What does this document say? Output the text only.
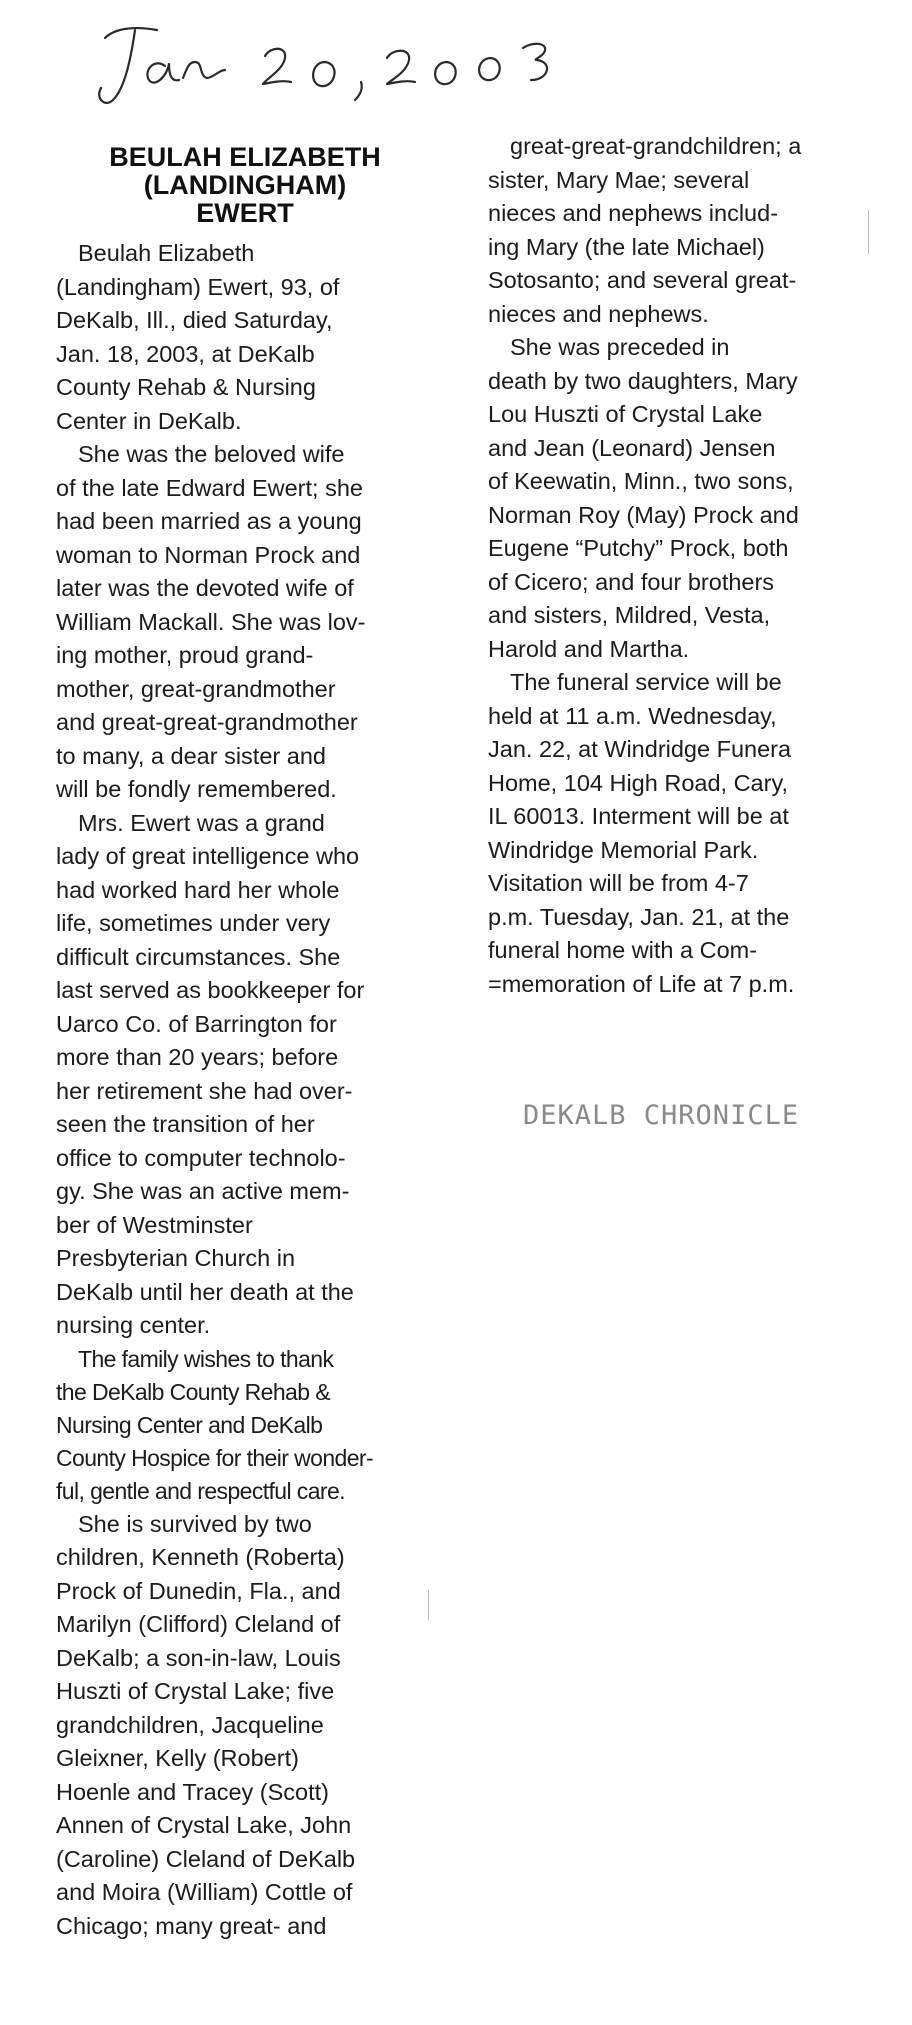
BEULAH ELIZABETH
(LANDINGHAM)
EWERT

Beulah Elizabeth
(Landingham) Ewert, 93, of
DeKalb, Ill., died Saturday,
Jan. 18, 2003, at DeKalb
County Rehab & Nursing
Center in DeKalb.

She was the beloved wife
of the late Edward Ewert; she
had been married as a young
woman to Norman Prock and
later was the devoted wife of
William Mackall. She was lov-
ing mother, proud grand-
mother, great-grandmother
and great-great-grandmother
to many, a dear sister and
will be fondly remembered.

Mrs. Ewert was a grand
lady of great intelligence who
had worked hard her whole
life, sometimes under very
difficult circumstances. She
last served as bookkeeper for
Uarco Co. of Barrington for
more than 20 years; before
her retirement she had over-
seen the transition of her
office to computer technolo-
gy. She was an active mem-
ber of Westminster
Presbyterian Church in
DeKalb until her death at the
nursing center.

The family wishes to thank
the DeKalb County Rehab &
Nursing Center and DeKalb
County Hospice for their wonder-
ful, gentle and respectful care.

She is survived by two
children, Kenneth (Roberta)
Prock of Dunedin, Fla., and
Marilyn (Clifford) Cleland of
DeKalb; a son-in-law, Louis
Huszti of Crystal Lake; five
grandchildren, Jacqueline
Gleixner, Kelly (Robert)
Hoenle and Tracey (Scott)
Annen of Crystal Lake, John
(Caroline) Cleland of DeKalb
and Moira (William) Cottle of
Chicago; many great- and

great-great-grandchildren; a
sister, Mary Mae; several
nieces and nephews includ-
ing Mary (the late Michael)
Sotosanto; and several great-
nieces and nephews.

She was preceded in
death by two daughters, Mary
Lou Huszti of Crystal Lake
and Jean (Leonard) Jensen
of Keewatin, Minn., two sons,
Norman Roy (May) Prock and
Eugene “Putchy” Prock, both
of Cicero; and four brothers
and sisters, Mildred, Vesta,
Harold and Martha.

The funeral service will be
held at 11 a.m. Wednesday,
Jan. 22, at Windridge Funera
Home, 104 High Road, Cary,
IL 60013. Interment will be at
Windridge Memorial Park.
Visitation will be from 4-7
p.m. Tuesday, Jan. 21, at the
funeral home with a Com-
=memoration of Life at 7 p.m.

DEKALB CHRONICLE
